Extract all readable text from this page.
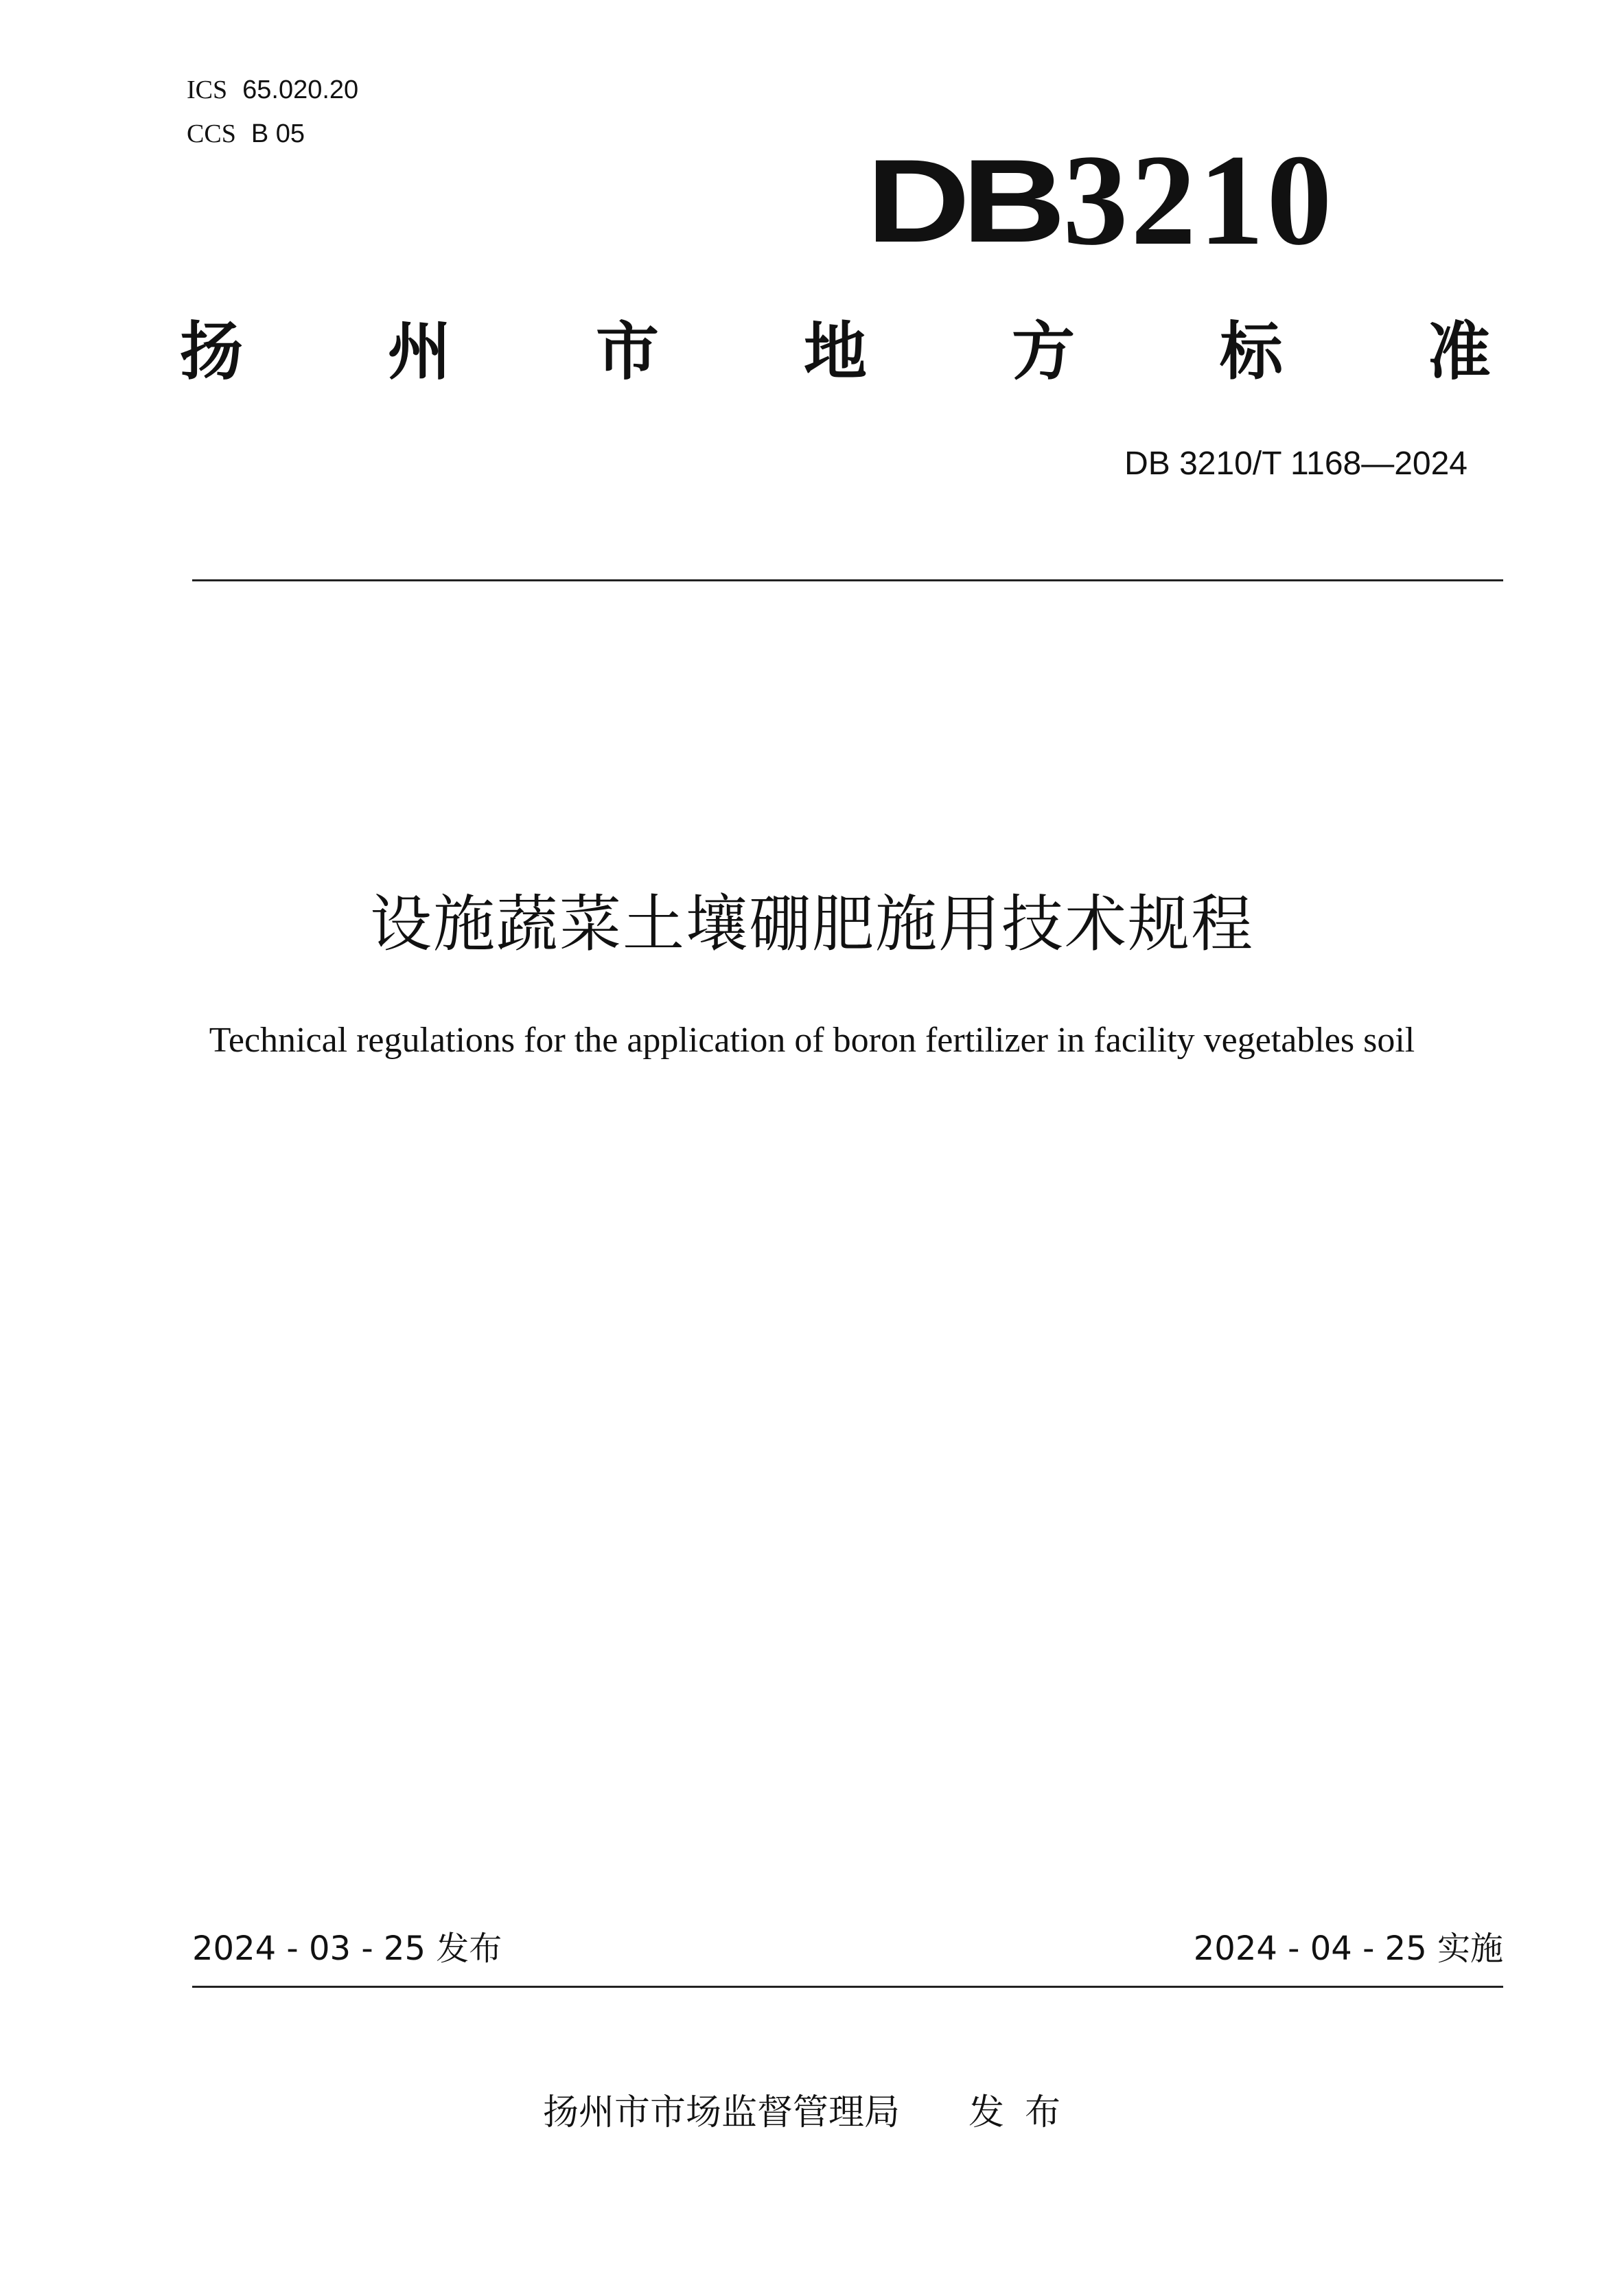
ICS 65.020.20
CCS B 05
DB 3210
扬 州 市 地 方 标 准
DB 3210/T 1168—2024
设施蔬菜土壤硼肥施用技术规程
Technical regulations for the application of boron fertilizer in facility vegetables soil
2024 - 03 - 25 发布	2024 - 04 - 25 实施
扬州市市场监督管理局 发布
